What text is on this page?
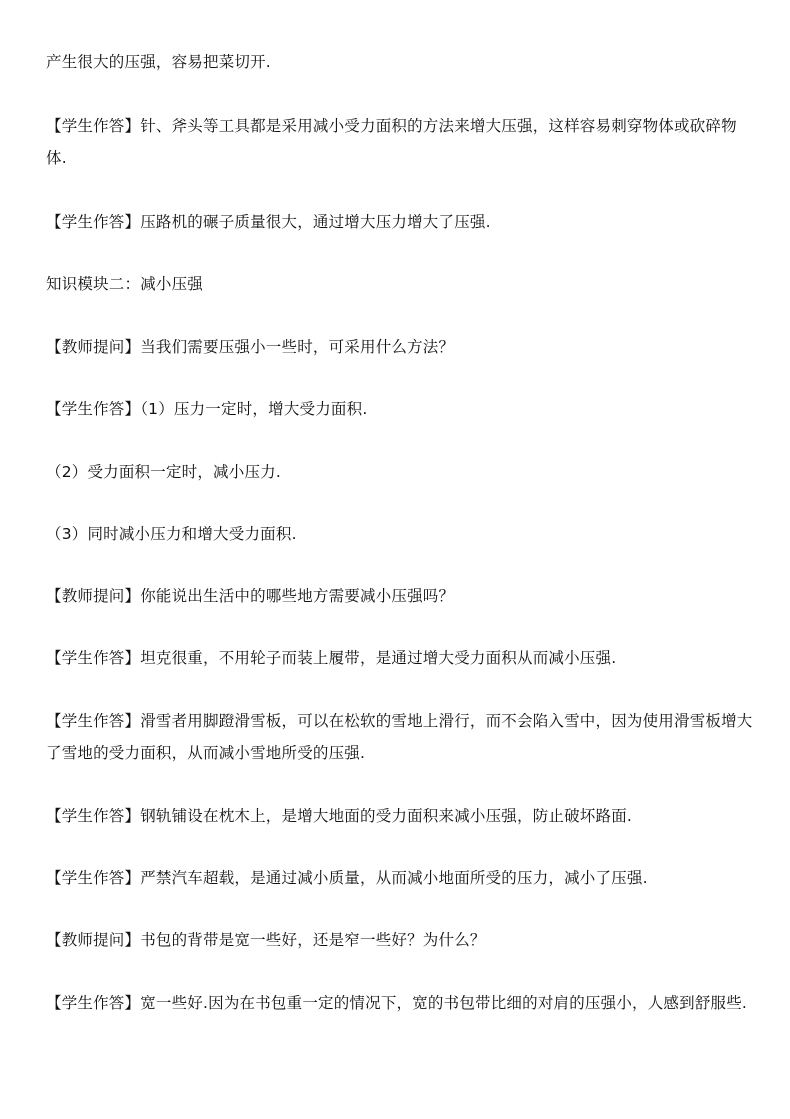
产生很大的压强，容易把菜切开.
【学生作答】针、斧头等工具都是采用减小受力面积的方法来增大压强，这样容易刺穿物体或砍碎物体.
【学生作答】压路机的碾子质量很大，通过增大压力增大了压强.
知识模块二：减小压强
【教师提问】当我们需要压强小一些时，可采用什么方法？
【学生作答】（1）压力一定时，增大受力面积.
（2）受力面积一定时，减小压力.
（3）同时减小压力和增大受力面积.
【教师提问】你能说出生活中的哪些地方需要减小压强吗？
【学生作答】坦克很重，不用轮子而装上履带，是通过增大受力面积从而减小压强.
【学生作答】滑雪者用脚蹬滑雪板，可以在松软的雪地上滑行，而不会陷入雪中，因为使用滑雪板增大了雪地的受力面积，从而减小雪地所受的压强.
【学生作答】钢轨铺设在枕木上，是增大地面的受力面积来减小压强，防止破坏路面.
【学生作答】严禁汽车超载，是通过减小质量，从而减小地面所受的压力，减小了压强.
【教师提问】书包的背带是宽一些好，还是窄一些好？为什么？
【学生作答】宽一些好.因为在书包重一定的情况下，宽的书包带比细的对肩的压强小，人感到舒服些.
